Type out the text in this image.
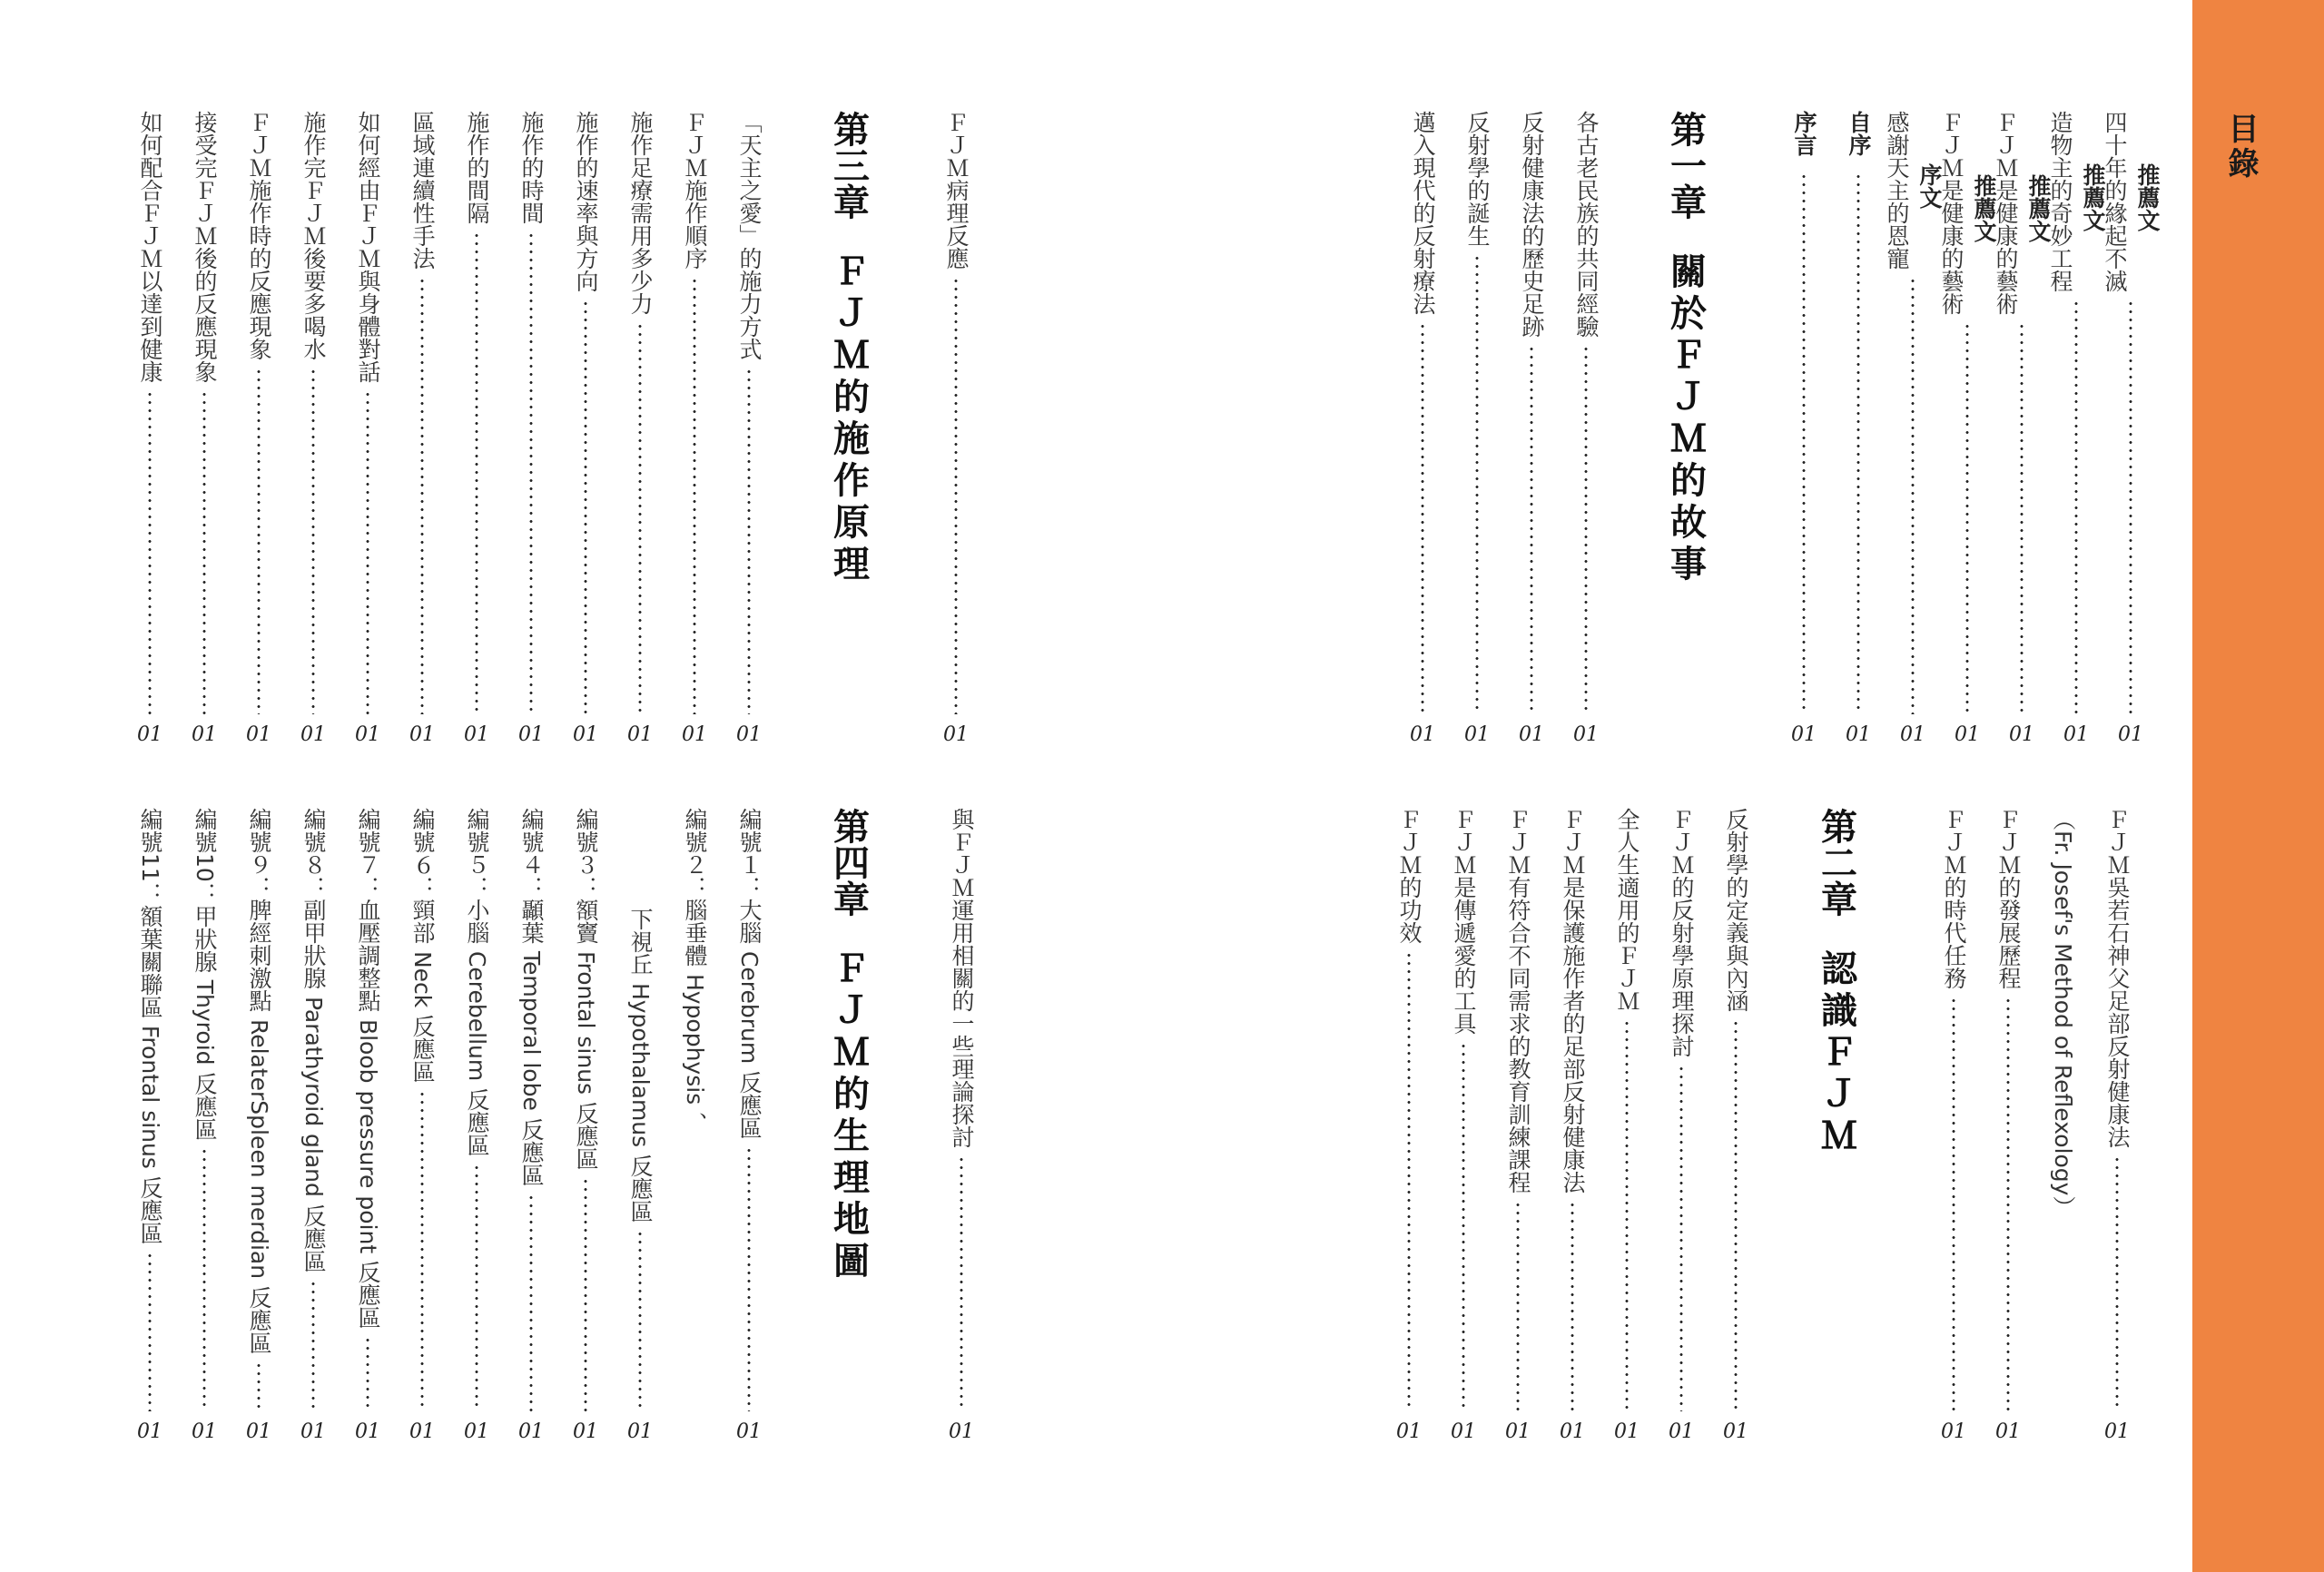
目錄
推薦文
四十年的緣起不滅
01
推薦文
造物主的奇妙工程
01
推薦文
ＦＪＭ是健康的藝術
01
推薦文
ＦＪＭ是健康的藝術
01
序文
感謝天主的恩寵
01
自序
01
序言
01
第一章
關於ＦＪＭ的故事
各古老民族的共同經驗
01
反射健康法的歷史足跡
01
反射學的誕生
01
邁入現代的反射療法
01
ＦＪＭ吳若石神父足部反射健康法
01
（Fr. Josef's Method of Reflexology）
ＦＪＭ的發展歷程
01
ＦＪＭ的時代任務
01
第二章
認識ＦＪＭ
反射學的定義與內涵
01
ＦＪＭ的反射學原理探討
01
全人生適用的ＦＪＭ
01
ＦＪＭ是保護施作者的足部反射健康法
01
ＦＪＭ有符合不同需求的教育訓練課程
01
ＦＪＭ是傳遞愛的工具
01
ＦＪＭ的功效
01
ＦＪＭ病理反應
01
第三章
ＦＪＭ的施作原理
「天主之愛」的施力方式
01
ＦＪＭ施作順序
01
施作足療需用多少力
01
施作的速率與方向
01
施作的時間
01
施作的間隔
01
區域連續性手法
01
如何經由ＦＪＭ與身體對話
01
施作完ＦＪＭ後要多喝水
01
ＦＪＭ施作時的反應現象
01
接受完ＦＪＭ後的反應現象
01
如何配合ＦＪＭ以達到健康
01
與ＦＪＭ運用相關的一些理論探討
01
第四章
ＦＪＭ的生理地圖
編號１：大腦 Cerebrum 反應區
01
編號２：腦垂體 Hypophysis 、
下視丘 Hypothalamus 反應區
01
編號３：額竇 Frontal sinus 反應區
01
編號４：顳葉 Temporal lobe 反應區
01
編號５：小腦 Cerebellum 反應區
01
編號６：頸部 Neck 反應區
01
編號７：血壓調整點 Bloob pressure point 反應區
01
編號８：副甲狀腺 Parathyroid gland 反應區
01
編號９：脾經刺激點 RelaterSpleen merdian 反應區
01
編號10：甲狀腺 Thyroid 反應區
01
編號11：額葉關聯區 Frontal sinus 反應區
01
